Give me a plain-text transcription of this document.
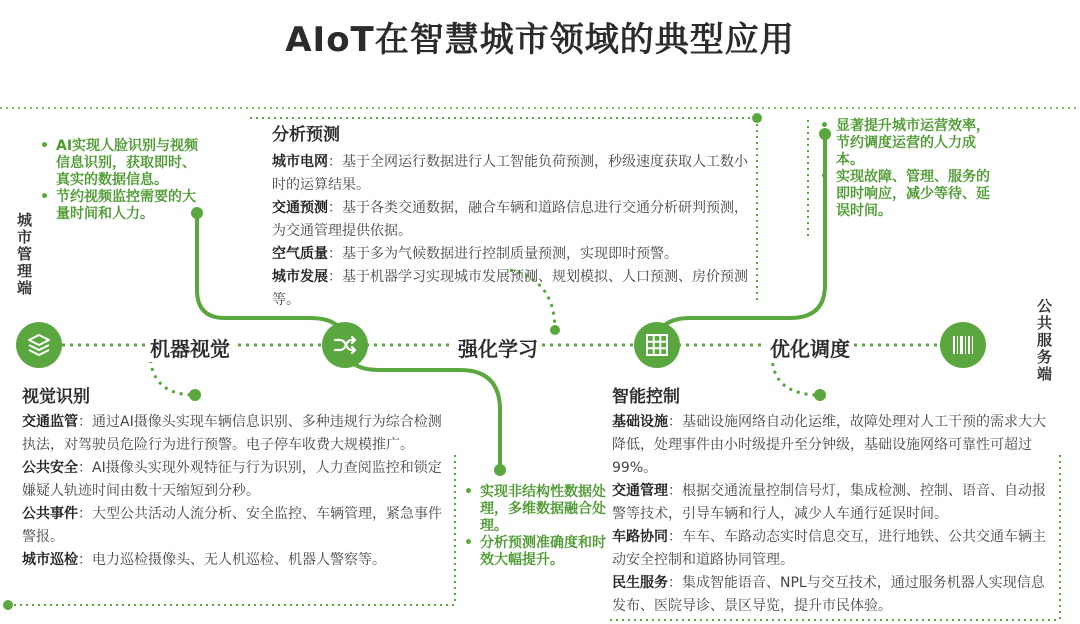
AIoT在智慧城市领域的典型应用
城市管理端
公共服务端
机器视觉	强化学习	优化调度
• AI实现人脸识别与视频信息识别，获取即时、真实的数据信息。
• 节约视频监控需要的大量时间和人力。
• 显著提升城市运营效率，节约调度运营的人力成本。
• 实现故障、管理、服务的即时响应，减少等待、延误时间。
• 实现非结构性数据处理，多维数据融合处理。
• 分析预测准确度和时效大幅提升。
分析预测
城市电网：基于全网运行数据进行人工智能负荷预测，秒级速度获取人工数小时的运算结果。
交通预测：基于各类交通数据，融合车辆和道路信息进行交通分析研判预测，为交通管理提供依据。
空气质量：基于多为气候数据进行控制质量预测，实现即时预警。
城市发展：基于机器学习实现城市发展预测、规划模拟、人口预测、房价预测等。
视觉识别
交通监管：通过AI摄像头实现车辆信息识别、多种违规行为综合检测执法，对驾驶员危险行为进行预警。电子停车收费大规模推广。
公共安全：AI摄像头实现外观特征与行为识别，人力查阅监控和锁定嫌疑人轨迹时间由数十天缩短到分秒。
公共事件：大型公共活动人流分析、安全监控、车辆管理，紧急事件警报。
城市巡检：电力巡检摄像头、无人机巡检、机器人警察等。
智能控制
基础设施：基础设施网络自动化运维，故障处理对人工干预的需求大大降低，处理事件由小时级提升至分钟级，基础设施网络可靠性可超过99%。
交通管理：根据交通流量控制信号灯，集成检测、控制、语音、自动报警等技术，引导车辆和行人，减少人车通行延误时间。
车路协同：车车、车路动态实时信息交互，进行地铁、公共交通车辆主动安全控制和道路协同管理。
民生服务：集成智能语音、NPL与交互技术，通过服务机器人实现信息发布、医院导诊、景区导览，提升市民体验。
